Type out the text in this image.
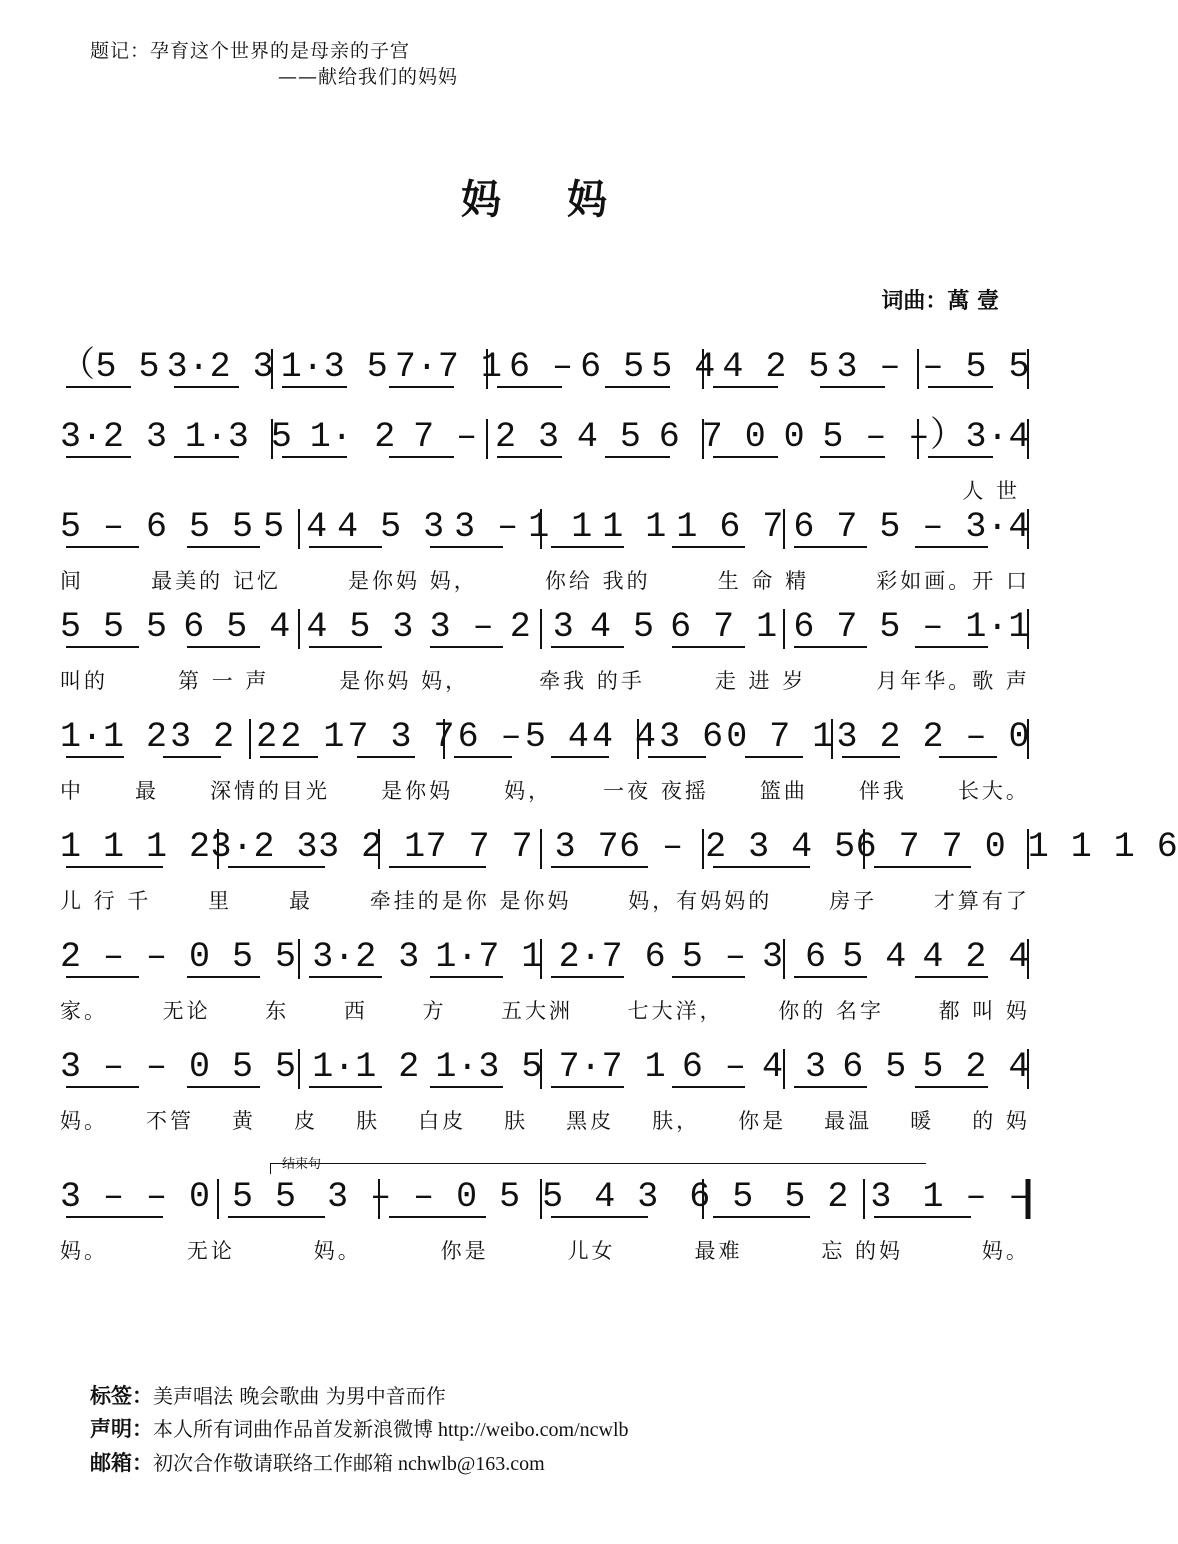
题记：孕育这个世界的是母亲的子宫
——献给我们的妈妈
妈 妈
词曲：萬 壹
（5 5 3·2 3 1·3 5 7·7 1 6 – 6 5 5 4 4 2 5 3 – – 5 5
3·2 3 1·3 5 1· 2 7 – 2 3 4 5 6 7 0 0 5 – –）3·4
人 世
5 – 6 5 5 5 4 4 5 3 3 – 1 1 1 1 1 6 7 6 7 5 – 3·4
间	最美的 记忆	是你妈 妈，	你给 我的	生 命 精	彩如画。开 口
5 5 5 6 5 4 4 5 3 3 – 2 3 4 5 6 7 1 6 7 5 – 1·1
叫的	第 一 声	是你妈 妈，	牵我 的手	走 进 岁	月年华。歌 声
1·1 2 3 2 2 2 1 7 3 7 6 – 5 4 4 4 3 6 0 7 1 3 2 2 – 0
中 最 深情的目光 是你妈 妈， 一夜 夜摇 篮曲 伴我 长大。
1 1 1 2 3·2 3 3 2 1 7 7 7 3 7 6 – 2 3 4 5 6 7 7 0 1 1 1 6
儿 行 千	里	最	牵挂的是你 是你妈	妈，有妈妈的	房子	才算有了
2 – – 0 5 5 3·2 3 1·7 1 2·7 6 5 – 3 6 5 4 4 2 4
家。	无论	东	西	方	五大洲	七大洋，	你的 名字	都 叫 妈
3 – – 0 5 5 1·1 2 1·3 5 7·7 1 6 – 4 3 6 5 5 2 4
妈。 不管 黄 皮 肤 白皮 肤 黑皮 肤， 你是 最温 暖 的 妈
3 – – 0 5 5 3 – – 0 5 5 4 3 6 5 5 2 3 1 – –
结束句
妈。	无论	妈。	你是	儿女	最难	忘 的妈	妈。
标签：美声唱法 晚会歌曲 为男中音而作
声明：本人所有词曲作品首发新浪微博 http://weibo.com/ncwlb
邮箱：初次合作敬请联络工作邮箱 nchwlb@163.com
